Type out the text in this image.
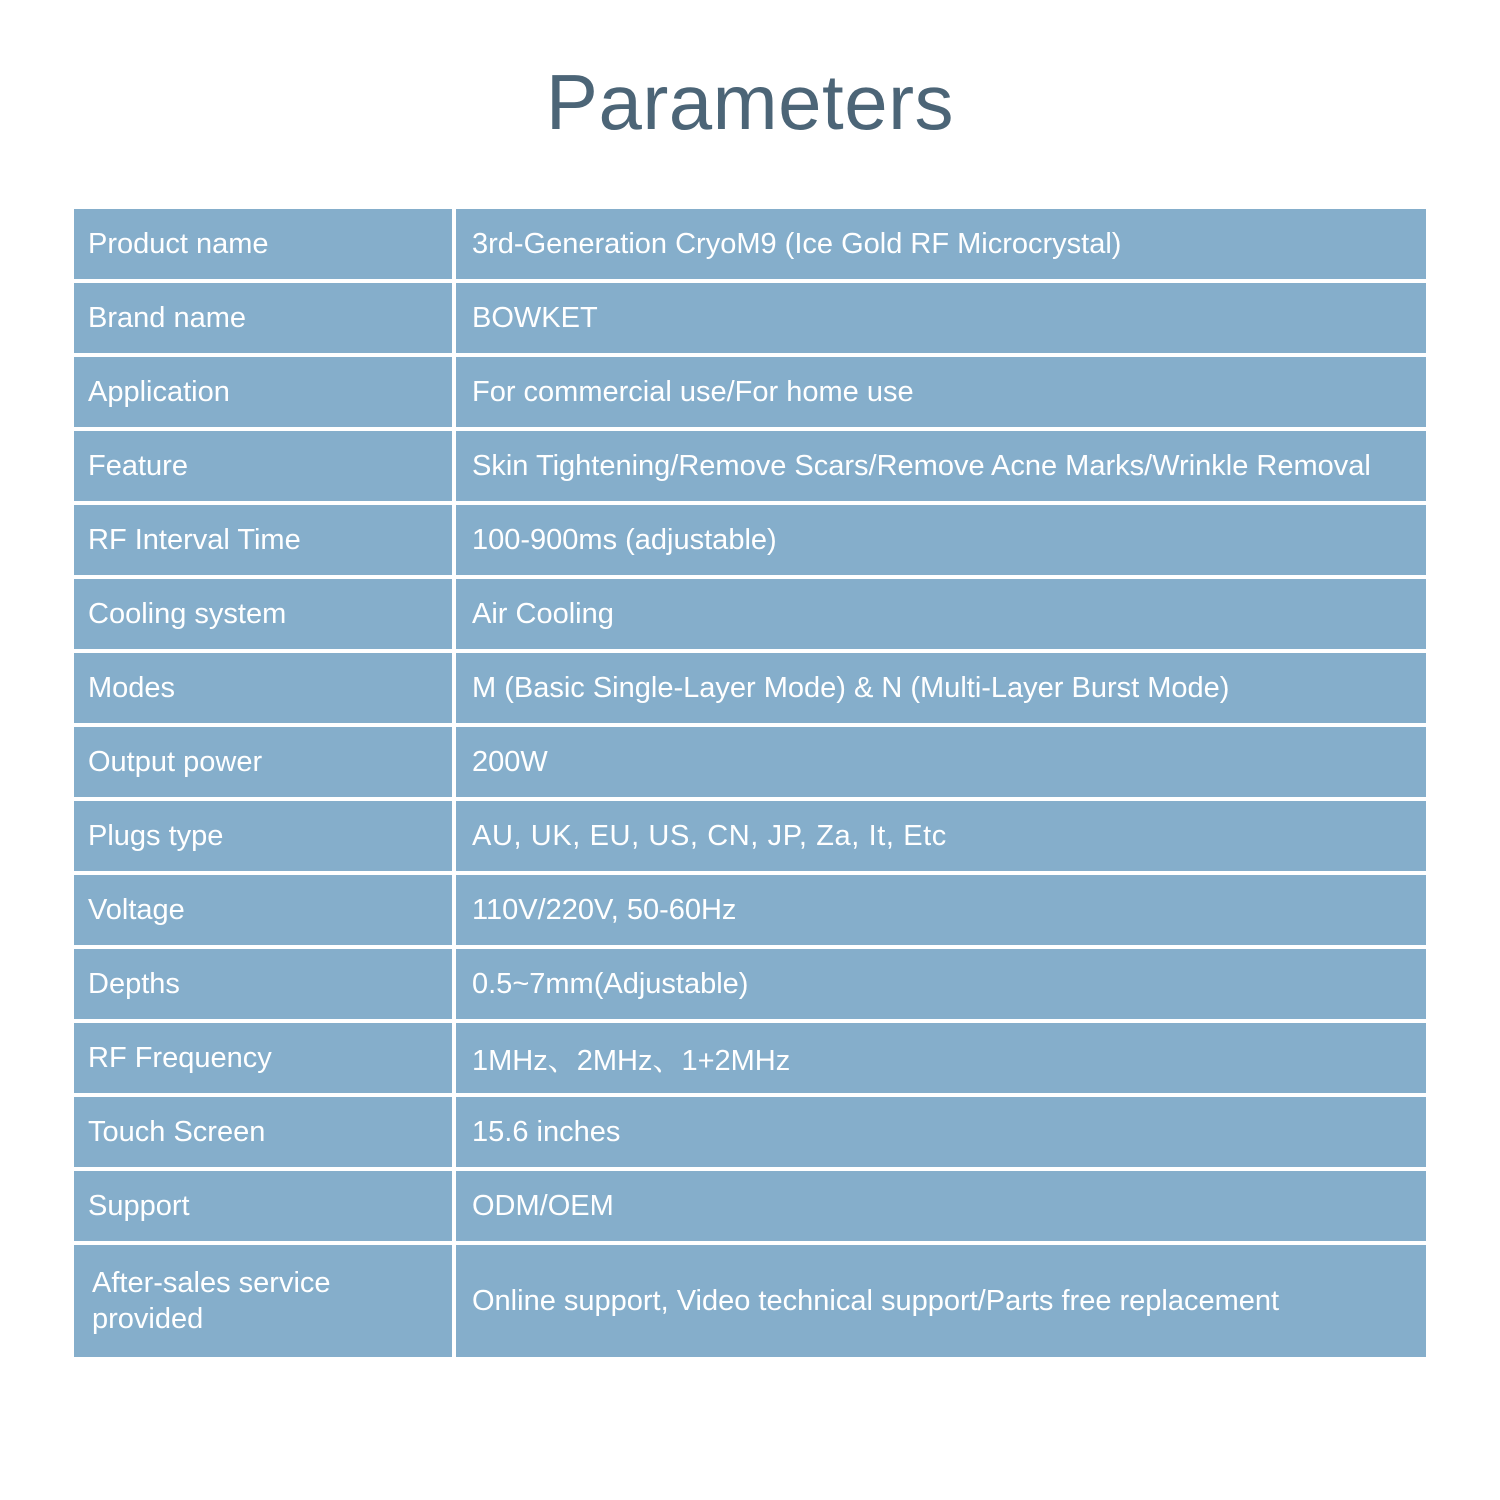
Parameters
Product name	3rd-Generation CryoM9 (Ice Gold RF Microcrystal)
Brand name	BOWKET
Application	For commercial use/For home use
Feature	Skin Tightening/Remove Scars/Remove Acne Marks/Wrinkle Removal
RF Interval Time	100-900ms (adjustable)
Cooling system	Air Cooling
Modes	M (Basic Single-Layer Mode) & N (Multi-Layer Burst Mode)
Output power	200W
Plugs type	AU, UK, EU, US, CN, JP, Za, It, Etc
Voltage	110V/220V, 50-60Hz
Depths	0.5~7mm(Adjustable)
RF Frequency	1MHz、2MHz、1+2MHz
Touch Screen	15.6 inches
Support	ODM/OEM
After-sales service provided	Online support, Video technical support/Parts free replacement
